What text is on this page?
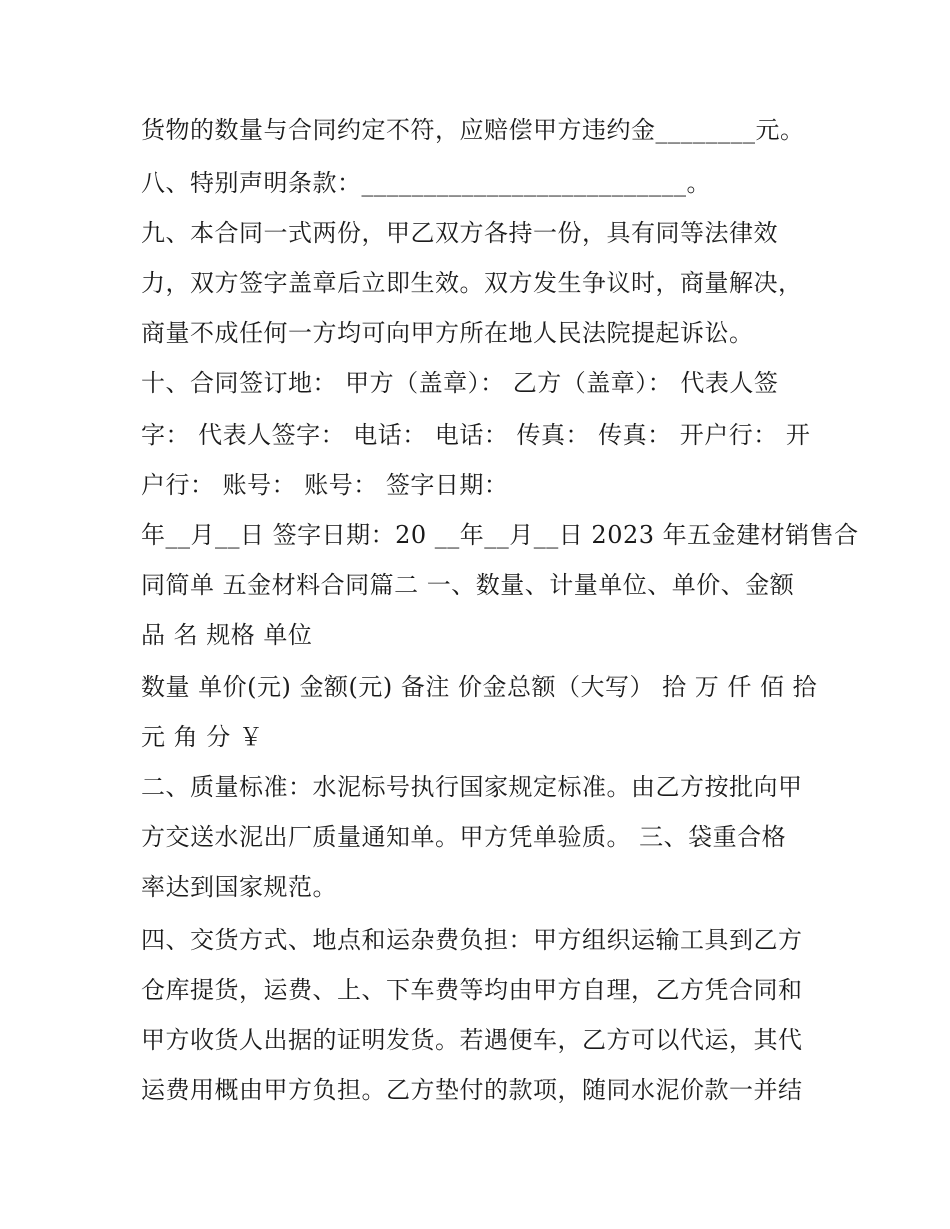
货物的数量与合同约定不符，应赔偿甲方违约金________元。
八、特别声明条款：__________________________。
九、本合同一式两份，甲乙双方各持一份，具有同等法律效
力，双方签字盖章后立即生效。双方发生争议时，商量解决，
商量不成任何一方均可向甲方所在地人民法院提起诉讼。
十、合同签订地： 甲方（盖章）： 乙方（盖章）： 代表人签
字： 代表人签字： 电话： 电话： 传真： 传真： 开户行： 开
户行： 账号： 账号： 签字日期：
年__月__日 签字日期：20 __年__月__日 2023 年五金建材销售合
同简单 五金材料合同篇二 一、数量、计量单位、单价、金额
品 名 规格 单位
数量 单价(元) 金额(元) 备注 价金总额（大写） 拾 万 仟 佰 拾
元 角 分 ￥
二、质量标准：水泥标号执行国家规定标准。由乙方按批向甲
方交送水泥出厂质量通知单。甲方凭单验质。 三、袋重合格
率达到国家规范。
四、交货方式、地点和运杂费负担：甲方组织运输工具到乙方
仓库提货，运费、上、下车费等均由甲方自理，乙方凭合同和
甲方收货人出据的证明发货。若遇便车，乙方可以代运，其代
运费用概由甲方负担。乙方垫付的款项，随同水泥价款一并结
